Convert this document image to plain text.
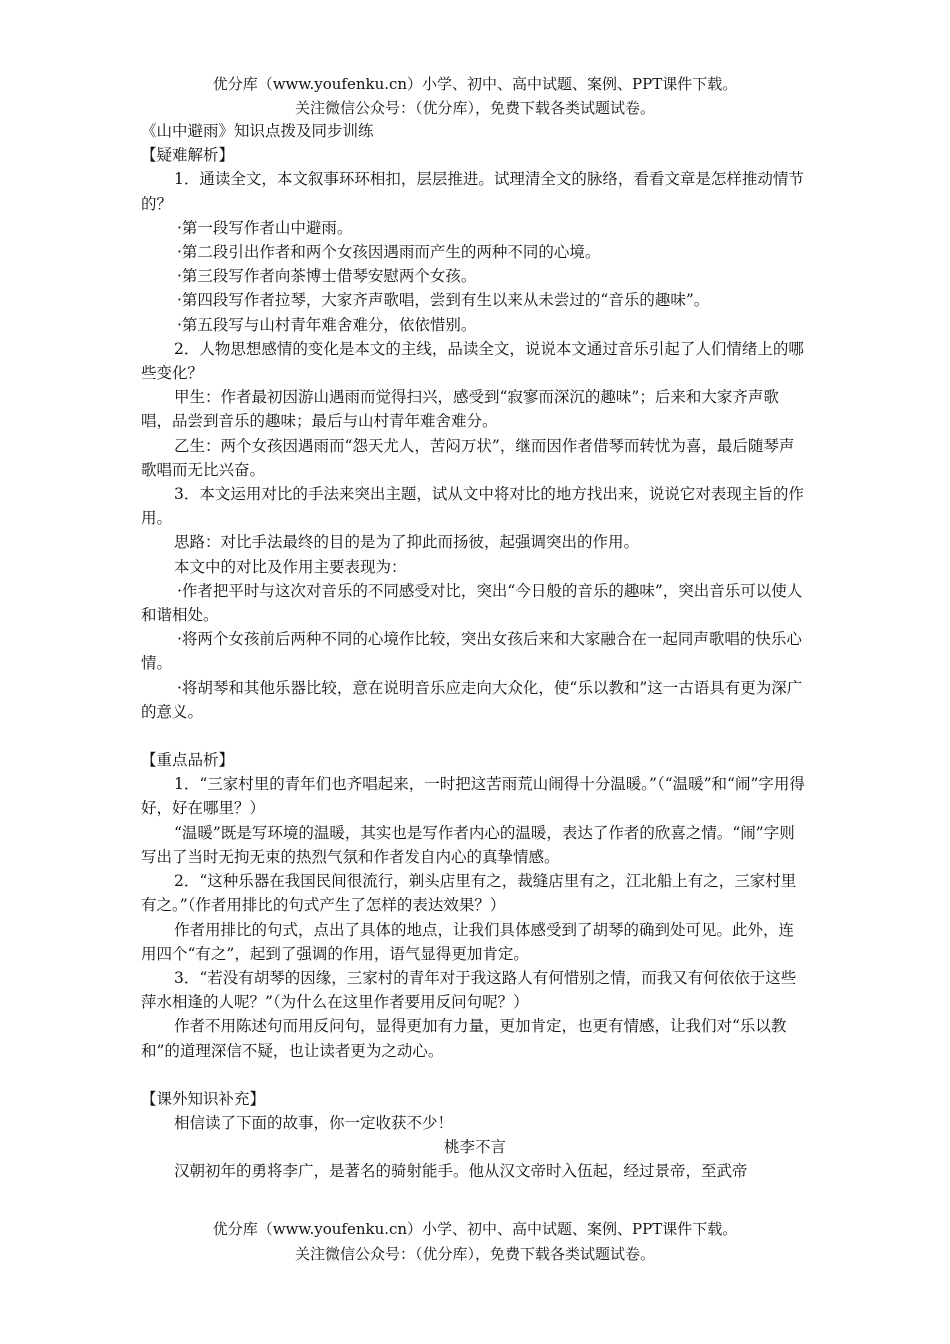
优分库（www.youfenku.cn）小学、初中、高中试题、案例、PPT课件下载。
关注微信公众号：（优分库），免费下载各类试题试卷。

《山中避雨》知识点拨及同步训练

【疑难解析】

1．通读全文，本文叙事环环相扣，层层推进。试理清全文的脉络，看看文章是怎样推动情节的？

·第一段写作者山中避雨。

·第二段引出作者和两个女孩因遇雨而产生的两种不同的心境。

·第三段写作者向茶博士借琴安慰两个女孩。

·第四段写作者拉琴，大家齐声歌唱，尝到有生以来从未尝过的“音乐的趣味”。

·第五段写与山村青年难舍难分，依依惜别。

2．人物思想感情的变化是本文的主线，品读全文，说说本文通过音乐引起了人们情绪上的哪些变化？

甲生：作者最初因游山遇雨而觉得扫兴，感受到“寂寥而深沉的趣味”；后来和大家齐声歌唱，品尝到音乐的趣味；最后与山村青年难舍难分。

乙生：两个女孩因遇雨而“怨天尤人，苦闷万状”，继而因作者借琴而转忧为喜，最后随琴声歌唱而无比兴奋。

3．本文运用对比的手法来突出主题，试从文中将对比的地方找出来，说说它对表现主旨的作用。

思路：对比手法最终的目的是为了抑此而扬彼，起强调突出的作用。

本文中的对比及作用主要表现为：

·作者把平时与这次对音乐的不同感受对比，突出“今日般的音乐的趣味”，突出音乐可以使人和谐相处。

·将两个女孩前后两种不同的心境作比较，突出女孩后来和大家融合在一起同声歌唱的快乐心情。

·将胡琴和其他乐器比较，意在说明音乐应走向大众化，使“乐以教和”这一古语具有更为深广的意义。

【重点品析】

1．“三家村里的青年们也齐唱起来，一时把这苦雨荒山闹得十分温暖。”（“温暖”和“闹”字用得好，好在哪里？）

“温暖”既是写环境的温暖，其实也是写作者内心的温暖，表达了作者的欣喜之情。“闹”字则写出了当时无拘无束的热烈气氛和作者发自内心的真挚情感。

2．“这种乐器在我国民间很流行，剃头店里有之，裁缝店里有之，江北船上有之，三家村里有之。”（作者用排比的句式产生了怎样的表达效果？）

作者用排比的句式，点出了具体的地点，让我们具体感受到了胡琴的确到处可见。此外，连用四个“有之”，起到了强调的作用，语气显得更加肯定。

3．“若没有胡琴的因缘，三家村的青年对于我这路人有何惜别之情，而我又有何依依于这些萍水相逢的人呢？”（为什么在这里作者要用反问句呢？）

作者不用陈述句而用反问句，显得更加有力量，更加肯定，也更有情感，让我们对“乐以教和”的道理深信不疑，也让读者更为之动心。

【课外知识补充】

相信读了下面的故事，你一定收获不少！

桃李不言

汉朝初年的勇将李广，是著名的骑射能手。他从汉文帝时入伍起，经过景帝，至武帝

优分库（www.youfenku.cn）小学、初中、高中试题、案例、PPT课件下载。
关注微信公众号：（优分库），免费下载各类试题试卷。
